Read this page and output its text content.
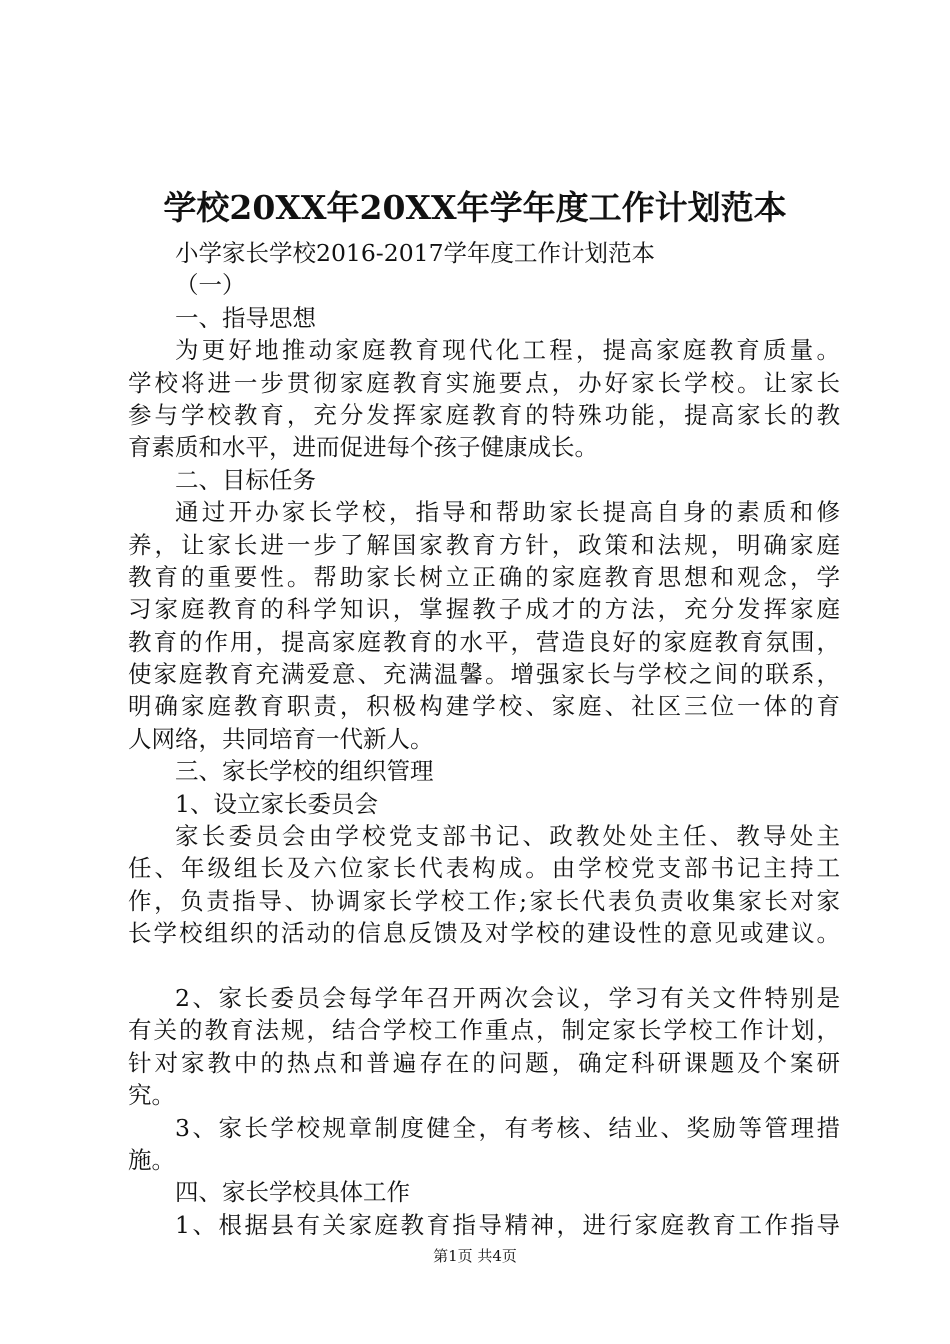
学校20XX年20XX年学年度工作计划范本
小学家长学校2016-2017学年度工作计划范本
（一）
一、指导思想
为更好地推动家庭教育现代化工程，提高家庭教育质量。
学校将进一步贯彻家庭教育实施要点，办好家长学校。让家长
参与学校教育，充分发挥家庭教育的特殊功能，提高家长的教
育素质和水平，进而促进每个孩子健康成长。
二、目标任务
通过开办家长学校，指导和帮助家长提高自身的素质和修
养，让家长进一步了解国家教育方针，政策和法规，明确家庭
教育的重要性。帮助家长树立正确的家庭教育思想和观念，学
习家庭教育的科学知识，掌握教子成才的方法，充分发挥家庭
教育的作用，提高家庭教育的水平，营造良好的家庭教育氛围，
使家庭教育充满爱意、充满温馨。增强家长与学校之间的联系，
明确家庭教育职责，积极构建学校、家庭、社区三位一体的育
人网络，共同培育一代新人。
三、家长学校的组织管理
1、设立家长委员会
家长委员会由学校党支部书记、政教处处主任、教导处主
任、年级组长及六位家长代表构成。由学校党支部书记主持工
作，负责指导、协调家长学校工作;家长代表负责收集家长对家
长学校组织的活动的信息反馈及对学校的建设性的意见或建议。
2、家长委员会每学年召开两次会议，学习有关文件特别是
有关的教育法规，结合学校工作重点，制定家长学校工作计划，
针对家教中的热点和普遍存在的问题，确定科研课题及个案研
究。
3、家长学校规章制度健全，有考核、结业、奖励等管理措
施。
四、家长学校具体工作
1、根据县有关家庭教育指导精神，进行家庭教育工作指导
第1页 共4页
